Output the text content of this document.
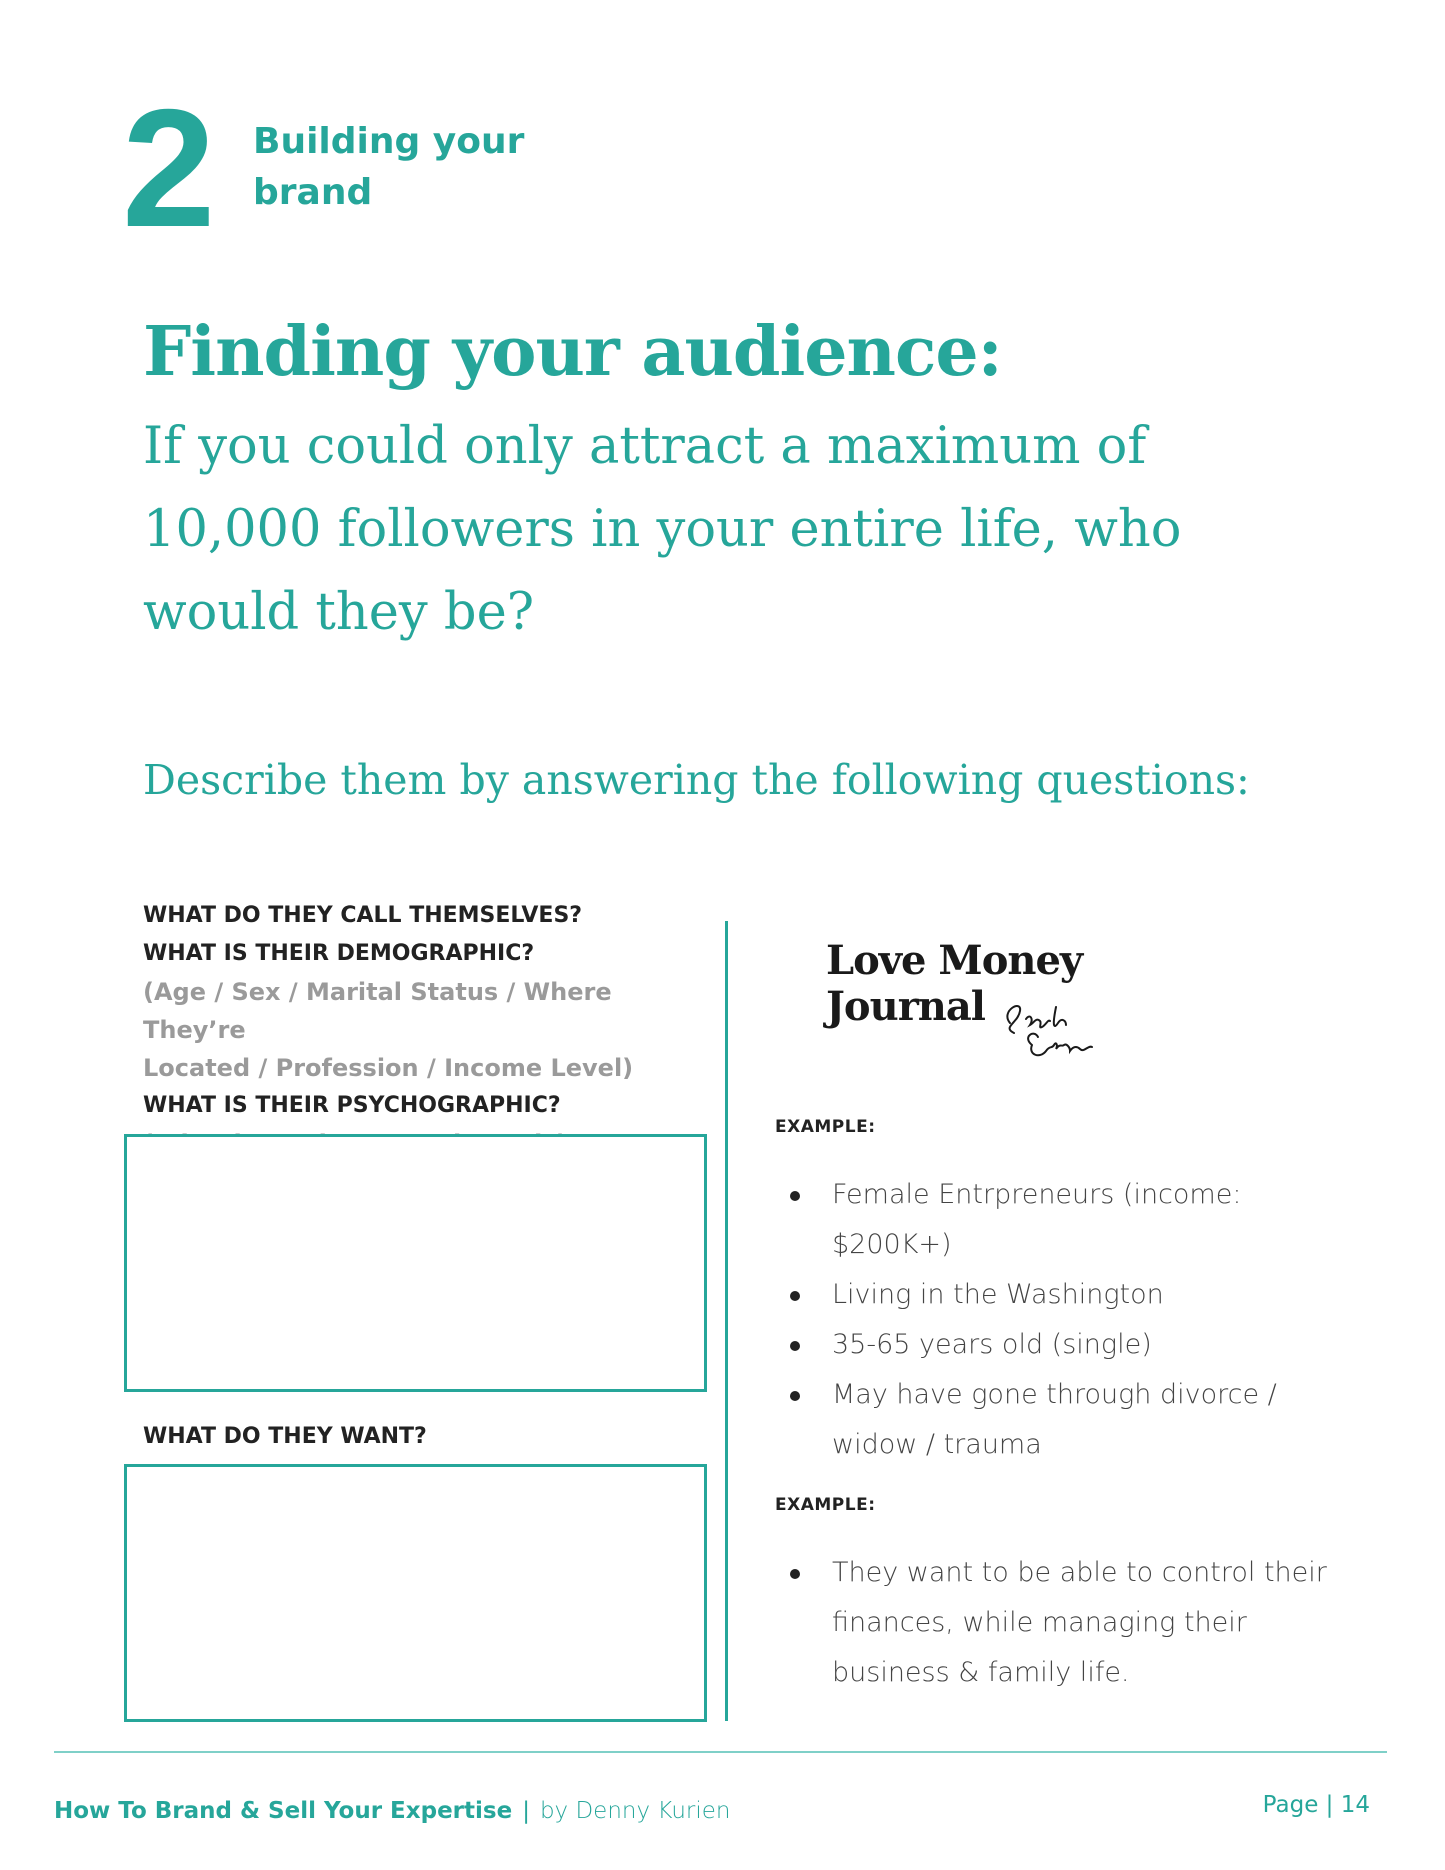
2 Building your
brand
Finding your audience:
If you could only attract a maximum of 10,000 followers in your entire life, who would they be?
Describe them by answering the following questions:
WHAT DO THEY CALL THEMSELVES?
WHAT IS THEIR DEMOGRAPHIC?
(Age / Sex / Marital Status / Where They’re
Located / Profession / Income Level)
WHAT IS THEIR PSYCHOGRAPHIC?
WHAT DO THEY WANT?
Love Money
Journal
EXAMPLE:
Female Entrpreneurs (income: $200K+)
Living in the Washington
35-65 years old (single)
May have gone through divorce / widow / trauma
EXAMPLE:
They want to be able to control their finances, while managing their business & family life.
How To Brand & Sell Your Expertise | by Denny Kurien	Page | 14
